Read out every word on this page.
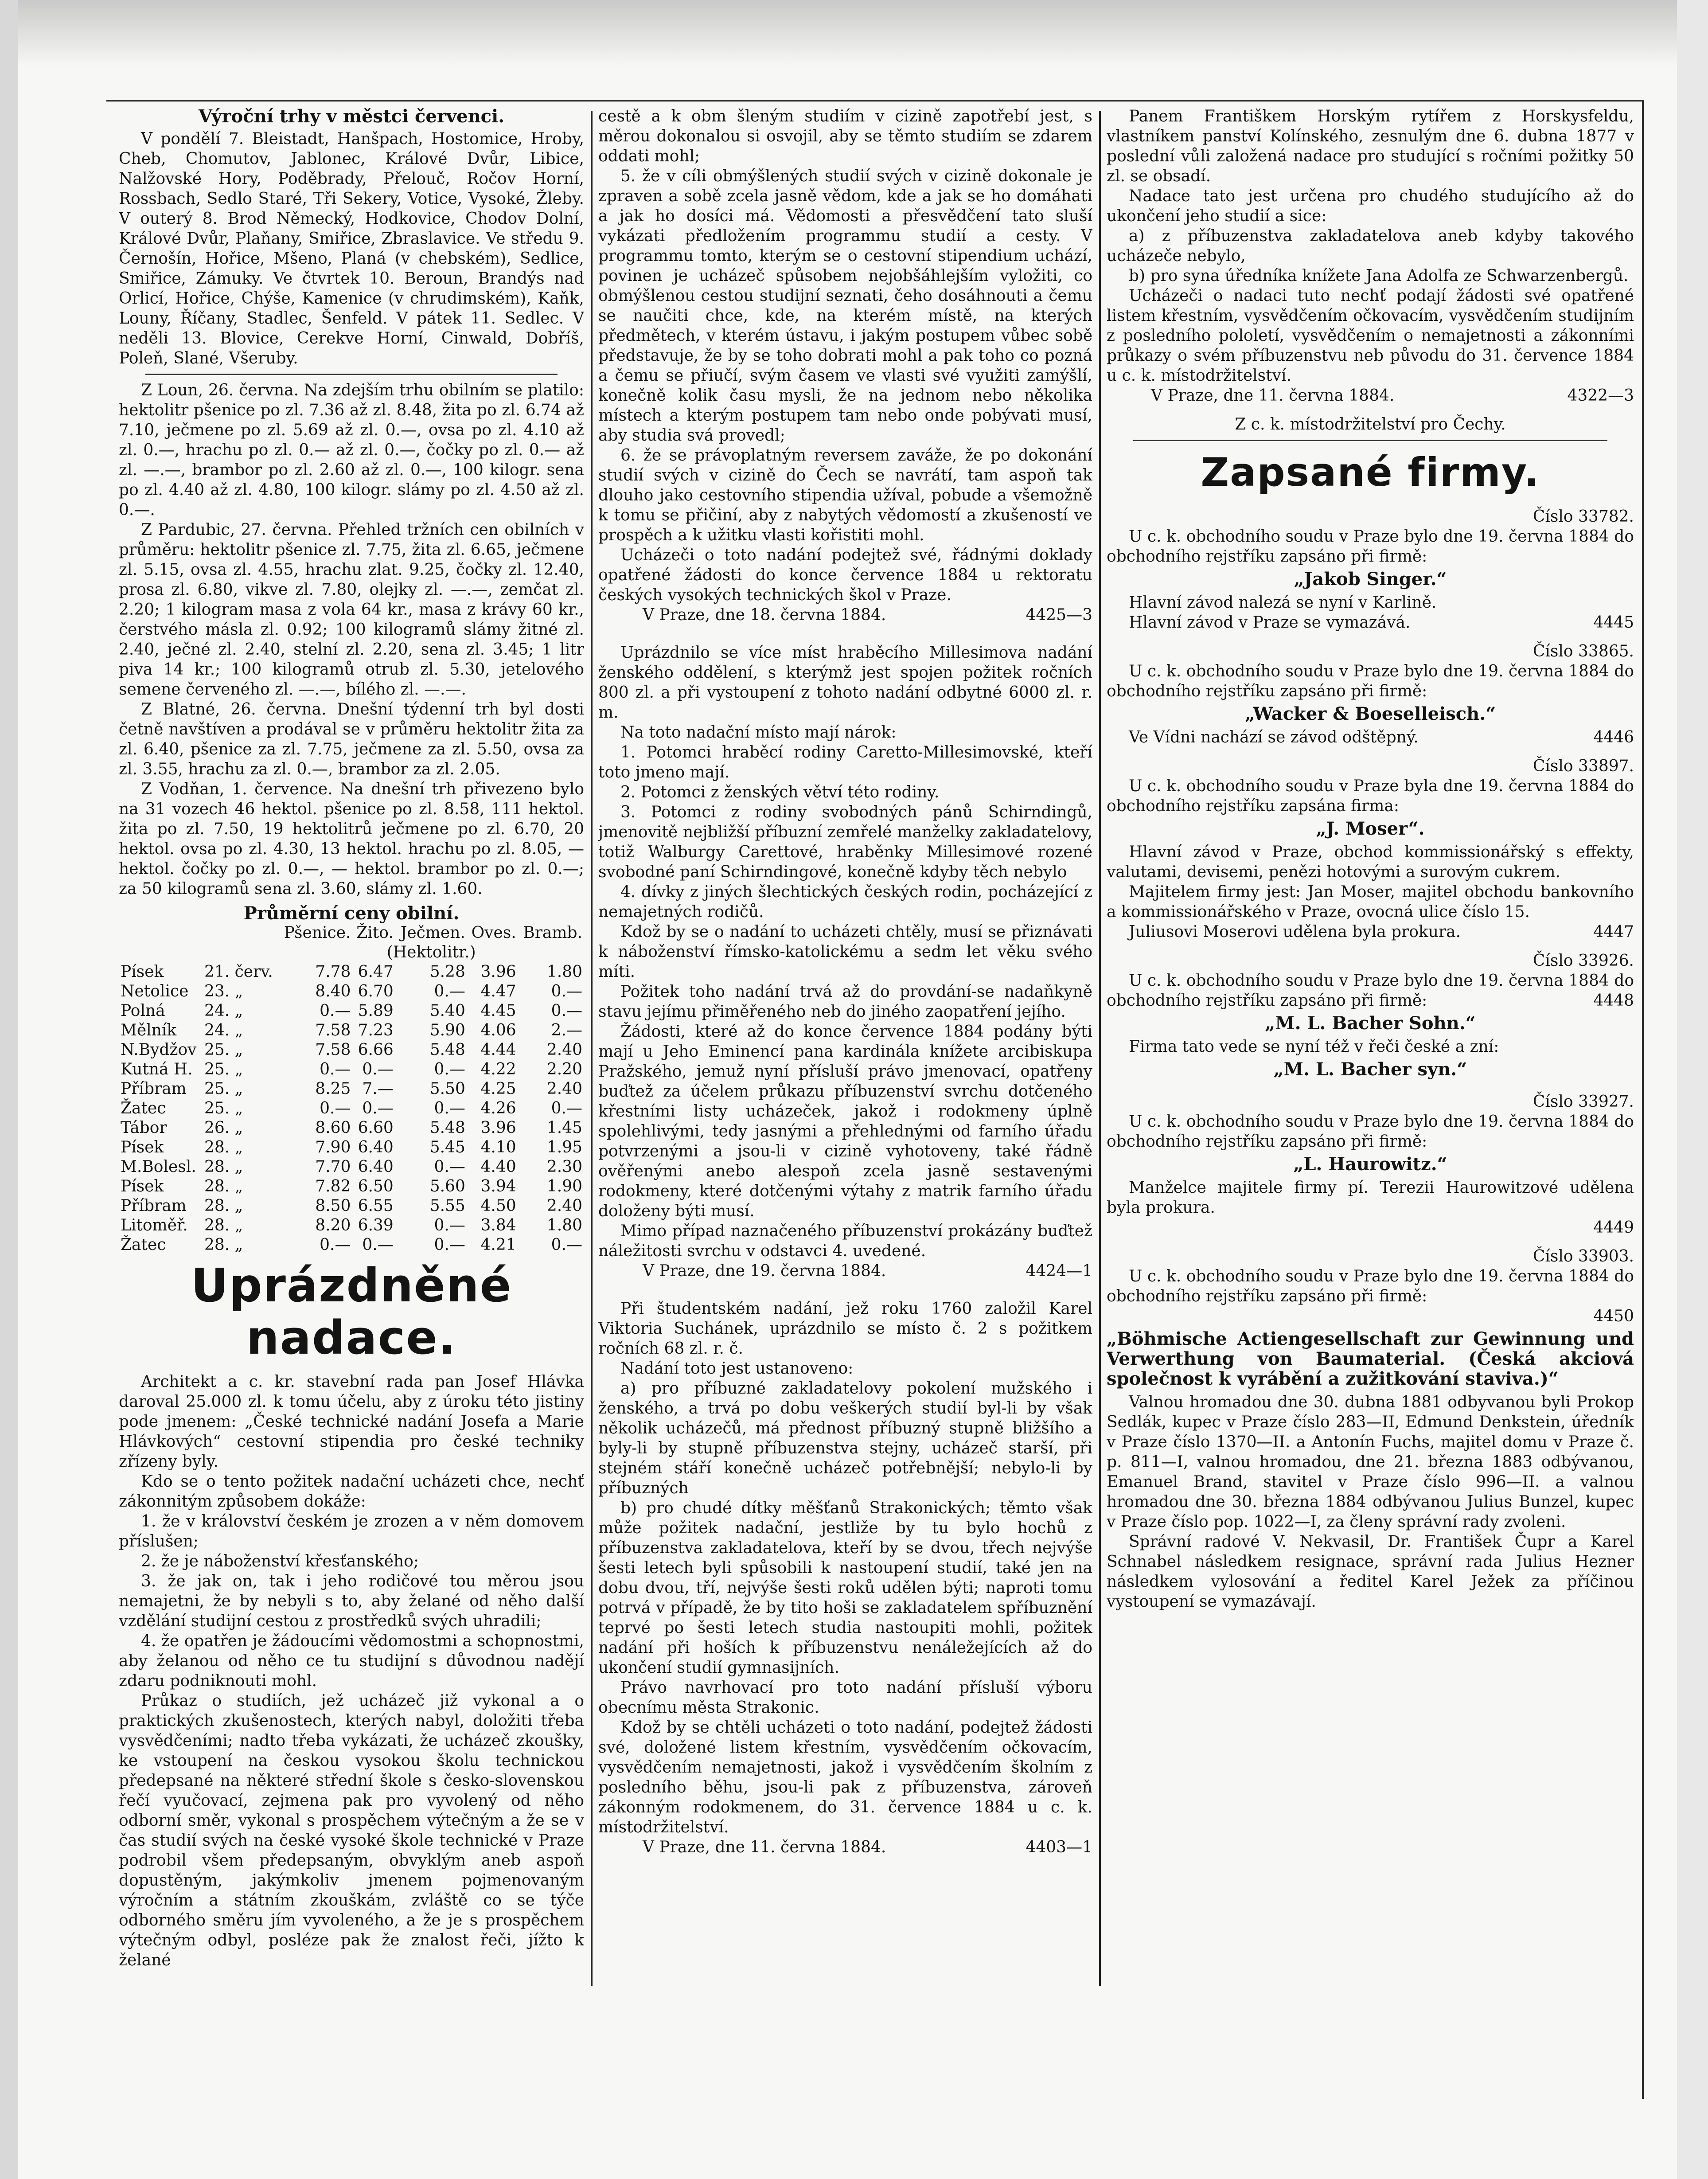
Výroční trhy v městci červenci.

V pondělí 7. Bleistadt, Hanšpach, Hostomice, Hroby, Cheb, Chomutov, Jablonec, Králové Dvůr, Libice, Nalžovské Hory, Poděbrady, Přelouč, Ročov Horní, Rossbach, Sedlo Staré, Tři Sekery, Votice, Vysoké, Žleby. V outerý 8. Brod Německý, Hodkovice, Chodov Dolní, Králové Dvůr, Plaňany, Smiřice, Zbraslavice. Ve středu 9. Černošín, Hořice, Mšeno, Planá (v chebském), Sedlice, Smiřice, Zámuky. Ve čtvrtek 10. Beroun, Brandýs nad Orlicí, Hořice, Chýše, Kamenice (v chrudimském), Kaňk, Louny, Říčany, Stadlec, Šenfeld. V pátek 11. Sedlec. V neděli 13. Blovice, Cerekve Horní, Cinwald, Dobříš, Poleň, Slané, Všeruby.

Z Loun, 26. června. Na zdejším trhu obilním se platilo: hektolitr pšenice po zl. 7.36 až zl. 8.48, žita po zl. 6.74 až 7.10, ječmene po zl. 5.69 až zl. 0.—, ovsa po zl. 4.10 až zl. 0.—, hrachu po zl. 0.— až zl. 0.—, čočky po zl. 0.— až zl. —.—, brambor po zl. 2.60 až zl. 0.—, 100 kilogr. sena po zl. 4.40 až zl. 4.80, 100 kilogr. slámy po zl. 4.50 až zl. 0.—.

Z Pardubic, 27. června. Přehled tržních cen obilních v průměru: hektolitr pšenice zl. 7.75, žita zl. 6.65, ječmene zl. 5.15, ovsa zl. 4.55, hrachu zlat. 9.25, čočky zl. 12.40, prosa zl. 6.80, vikve zl. 7.80, olejky zl. —.—, zemčat zl. 2.20; 1 kilogram masa z vola 64 kr., masa z krávy 60 kr., čerstvého másla zl. 0.92; 100 kilogramů slámy žitné zl. 2.40, ječné zl. 2.40, stelní zl. 2.20, sena zl. 3.45; 1 litr piva 14 kr.; 100 kilogramů otrub zl. 5.30, jetelového semene červeného zl. —.—, bílého zl. —.—.

Z Blatné, 26. června. Dnešní týdenní trh byl dosti četně navštíven a prodával se v průměru hektolitr žita za zl. 6.40, pšenice za zl. 7.75, ječmene za zl. 5.50, ovsa za zl. 3.55, hrachu za zl. 0.—, brambor za zl. 2.05.

Z Vodňan, 1. července. Na dnešní trh přivezeno bylo na 31 vozech 46 hektol. pšenice po zl. 8.58, 111 hektol. žita po zl. 7.50, 19 hektolitrů ječmene po zl. 6.70, 20 hektol. ovsa po zl. 4.30, 13 hektol. hrachu po zl. 8.05, — hektol. čočky po zl. 0.—, — hektol. brambor po zl. 0.—; za 50 kilogramů sena zl. 3.60, slámy zl. 1.60.

Průměrní ceny obilní.
		Pšenice.	Žito.	Ječmen.	Oves.	Bramb.
		(Hektolitr.)				
Písek	21. červ.	7.78	6.47	5.28	3.96	1.80
Netolice	23. „	8.40	6.70	0.—	4.47	0.—
Polná	24. „	0.—	5.89	5.40	4.45	0.—
Mělník	24. „	7.58	7.23	5.90	4.06	2.—
N.Bydžov	25. „	7.58	6.66	5.48	4.44	2.40
Kutná H.	25. „	0.—	0.—	0.—	4.22	2.20
Příbram	25. „	8.25	7.—	5.50	4.25	2.40
Žatec	25. „	0.—	0.—	0.—	4.26	0.—
Tábor	26. „	8.60	6.60	5.48	3.96	1.45
Písek	28. „	7.90	6.40	5.45	4.10	1.95
M.Bolesl.	28. „	7.70	6.40	0.—	4.40	2.30
Písek	28. „	7.82	6.50	5.60	3.94	1.90
Příbram	28. „	8.50	6.55	5.55	4.50	2.40
Litoměř.	28. „	8.20	6.39	0.—	3.84	1.80
Žatec	28. „	0.—	0.—	0.—	4.21	0.—
Uprázdněné nadace.

Architekt a c. kr. stavební rada pan Josef Hlávka daroval 25.000 zl. k tomu účelu, aby z úroku této jistiny pode jmenem: „České technické nadání Josefa a Marie Hlávkových“ cestovní stipendia pro české techniky zřízeny byly.

Kdo se o tento požitek nadační ucházeti chce, nechť zákonnitým způsobem dokáže:

1. že v království českém je zrozen a v něm domovem příslušen;

2. že je náboženství křesťanského;

3. že jak on, tak i jeho rodičové tou měrou jsou nemajetni, že by nebyli s to, aby želané od něho další vzdělání studijní cestou z prostředků svých uhradili;

4. že opatřen je žádoucími vědomostmi a schopnostmi, aby želanou od něho ce tu studijní s důvodnou nadějí zdaru podniknouti mohl.

Průkaz o studiích, jež ucházeč již vykonal a o praktických zkušenostech, kterých nabyl, doložiti třeba vysvědčeními; nadto třeba vykázati, že ucházeč zkoušky, ke vstoupení na českou vysokou školu technickou předepsané na některé střední škole s česko-slovenskou řečí vyučovací, zejmena pak pro vyvolený od něho odborní směr, vykonal s prospěchem výtečným a že se v čas studií svých na české vysoké škole technické v Praze podrobil všem předepsaným, obvyklým aneb aspoň dopustěným, jakýmkoliv jmenem pojmenovaným výročním a státním zkouškám, zvláště co se týče odborného směru jím vyvoleného, a že je s prospěchem výtečným odbyl, posléze pak že znalost řeči, jížto k želané

cestě a k obm šleným studiím v cizině zapotřebí jest, s měrou dokonalou si osvojil, aby se těmto studiím se zdarem oddati mohl;

5. že v cíli obmýšlených studií svých v cizině dokonale je zpraven a sobě zcela jasně vědom, kde a jak se ho domáhati a jak ho dosíci má. Vědomosti a přesvědčení tato sluší vykázati předložením programmu studií a cesty. V programmu tomto, kterým se o cestovní stipendium uchází, povinen je ucházeč spůsobem nejobšáhlejším vyložiti, co obmýšlenou cestou studijní seznati, čeho dosáhnouti a čemu se naučiti chce, kde, na kterém místě, na kterých předmětech, v kterém ústavu, i jakým postupem vůbec sobě představuje, že by se toho dobrati mohl a pak toho co pozná a čemu se přiučí, svým časem ve vlasti své využiti zamýšlí, konečně kolik času mysli, že na jednom nebo několika místech a kterým postupem tam nebo onde pobývati musí, aby studia svá provedl;

6. že se právoplatným reversem zaváže, že po dokonání studií svých v cizině do Čech se navrátí, tam aspoň tak dlouho jako cestovního stipendia užíval, pobude a všemožně k tomu se přičiní, aby z nabytých vědomostí a zkušeností ve prospěch a k užitku vlasti kořistiti mohl.

Ucházeči o toto nadání podejtež své, řádnými doklady opatřené žádosti do konce července 1884 u rektoratu českých vysokých technických škol v Praze.

V Praze, dne 18. června 1884.	4425—3

Uprázdnilo se více míst hraběcího Millesimova nadání ženského oddělení, s kterýmž jest spojen požitek ročních 800 zl. a při vystoupení z tohoto nadání odbytné 6000 zl. r. m.

Na toto nadační místo mají nárok:

1. Potomci hraběcí rodiny Caretto-Millesimovské, kteří toto jmeno mají.

2. Potomci z ženských větví této rodiny.

3. Potomci z rodiny svobodných pánů Schirndingů, jmenovitě nejbližší příbuzní zemřelé manželky zakladatelovy, totiž Walburgy Carettové, hraběnky Millesimové rozené svobodné paní Schirndingové, konečně kdyby těch nebylo

4. dívky z jiných šlechtických českých rodin, pocházející z nemajetných rodičů.

Kdož by se o nadání to ucházeti chtěly, musí se přiznávati k náboženství římsko-katolickému a sedm let věku svého míti.

Požitek toho nadání trvá až do provdání-se nadaňkyně stavu jejímu přiměřeného neb do jiného zaopatření jejího.

Žádosti, které až do konce července 1884 podány býti mají u Jeho Eminencí pana kardinála knížete arcibiskupa Pražského, jemuž nyní přísluší právo jmenovací, opatřeny buďtež za účelem průkazu příbuzenství svrchu dotčeného křestními listy ucházeček, jakož i rodokmeny úplně spolehlivými, tedy jasnými a přehlednými od farního úřadu potvrzenými a jsou-li v cizině vyhotoveny, také řádně ověřenými anebo alespoň zcela jasně sestavenými rodokmeny, které dotčenými výtahy z matrik farního úřadu doloženy býti musí.

Mimo případ naznačeného příbuzenství prokázány buďtež náležitosti svrchu v odstavci 4. uvedené.

V Praze, dne 19. června 1884.	4424—1

Při študentském nadání, jež roku 1760 založil Karel Viktoria Suchánek, uprázdnilo se místo č. 2 s požitkem ročních 68 zl. r. č.

Nadání toto jest ustanoveno:

a) pro příbuzné zakladatelovy pokolení mužského i ženského, a trvá po dobu veškerých studií byl-li by však několik ucházečů, má přednost příbuzný stupně bližšího a byly-li by stupně příbuzenstva stejny, ucházeč starší, při stejném stáří konečně ucházeč potřebnější; nebylo-li by příbuzných

b) pro chudé dítky měšťanů Strakonických; těmto však může požitek nadační, jestliže by tu bylo hochů z příbuzenstva zakladatelova, kteří by se dvou, třech nejvýše šesti letech byli spůsobili k nastoupení studií, také jen na dobu dvou, tří, nejvýše šesti roků udělen býti; naproti tomu potrvá v případě, že by tito hoši se zakladatelem spříbuznění teprvé po šesti letech studia nastoupiti mohli, požitek nadání při hoších k příbuzenstvu nenáležejících až do ukončení studií gymnasijních.

Právo navrhovací pro toto nadání přísluší výboru obecnímu města Strakonic.

Kdož by se chtěli ucházeti o toto nadání, podejtež žádosti své, doložené listem křestním, vysvědčením očkovacím, vysvědčením nemajetnosti, jakož i vysvědčením školním z posledního běhu, jsou-li pak z příbuzenstva, zároveň zákonným rodokmenem, do 31. července 1884 u c. k. místodržitelství.

V Praze, dne 11. června 1884.	4403—1

Panem Františkem Horským rytířem z Horskysfeldu, vlastníkem panství Kolínského, zesnulým dne 6. dubna 1877 v poslední vůli založená nadace pro studující s ročními požitky 50 zl. se obsadí.

Nadace tato jest určena pro chudého studujícího až do ukončení jeho studií a sice:

a) z příbuzenstva zakladatelova aneb kdyby takového ucházeče nebylo,

b) pro syna úředníka knížete Jana Adolfa ze Schwarzenbergů.

Ucházeči o nadaci tuto nechť podají žádosti své opatřené listem křestním, vysvědčením očkovacím, vysvědčením studijním z posledního pololetí, vysvědčením o nemajetnosti a zákonními průkazy o svém příbuzenstvu neb původu do 31. července 1884 u c. k. místodržitelství.

V Praze, dne 11. června 1884.	4322—3

Z c. k. místodržitelství pro Čechy.

Zapsané firmy.

Číslo 33782.

U c. k. obchodního soudu v Praze bylo dne 19. června 1884 do obchodního rejstříku zapsáno při firmě:

„Jakob Singer.“

Hlavní závod nalezá se nyní v Karlině.

Hlavní závod v Praze se vymazává.	4445

Číslo 33865.

U c. k. obchodního soudu v Praze bylo dne 19. června 1884 do obchodního rejstříku zapsáno při firmě:

„Wacker & Boeselleisch.“

Ve Vídni nachází se závod odštěpný.	4446

Číslo 33897.

U c. k. obchodního soudu v Praze byla dne 19. června 1884 do obchodního rejstříku zapsána firma:

„J. Moser“.

Hlavní závod v Praze, obchod kommissionářský s effekty, valutami, devisemi, penězi hotovými a surovým cukrem.

Majitelem firmy jest: Jan Moser, majitel obchodu bankovního a kommissionářského v Praze, ovocná ulice číslo 15.

Juliusovi Moserovi udělena byla prokura.	4447

Číslo 33926.

U c. k. obchodního soudu v Praze bylo dne 19. června 1884 do obchodního rejstříku zapsáno při firmě:	4448

„M. L. Bacher Sohn.“

Firma tato vede se nyní též v řeči české a zní:

„M. L. Bacher syn.“

Číslo 33927.

U c. k. obchodního soudu v Praze bylo dne 19. června 1884 do obchodního rejstříku zapsáno při firmě:

„L. Haurowitz.“

Manželce majitele firmy pí. Terezii Haurowitzové udělena byla prokura.

4449

Číslo 33903.

U c. k. obchodního soudu v Praze bylo dne 19. června 1884 do obchodního rejstříku zapsáno při firmě:

4450

„Böhmische Actiengesellschaft zur Gewinnung und Verwerthung von Baumaterial. (Česká akciová společnost k vyrábění a zužitkování staviva.)“

Valnou hromadou dne 30. dubna 1881 odbyvanou byli Prokop Sedlák, kupec v Praze číslo 283—II, Edmund Denkstein, úředník v Praze číslo 1370—II. a Antonín Fuchs, majitel domu v Praze č. p. 811—I, valnou hromadou, dne 21. března 1883 odbývanou, Emanuel Brand, stavitel v Praze číslo 996—II. a valnou hromadou dne 30. března 1884 odbývanou Julius Bunzel, kupec v Praze číslo pop. 1022—I, za členy správní rady zvoleni.

Správní radové V. Nekvasil, Dr. František Čupr a Karel Schnabel následkem resignace, správní rada Julius Hezner následkem vylosování a ředitel Karel Ježek za příčinou vystoupení se vymazávají.
